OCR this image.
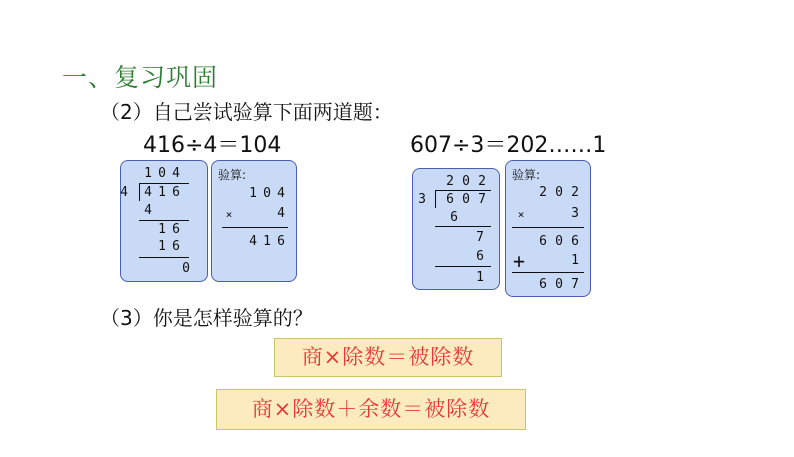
一、复习巩固
（2）自己尝试验算下面两道题：
416÷4＝104	607÷3＝202……1
1 0 4
4 4 1 6
4
1 6
1 6
0
验算:
1 0 4
×	4
4 1 6
2 0 2
3 6 0 7
6
7
6
1
验算:
2 0 2
×	3
6 0 6
+	1
6 0 7
（3）你是怎样验算的？
商×除数＝被除数
商×除数＋余数＝被除数
